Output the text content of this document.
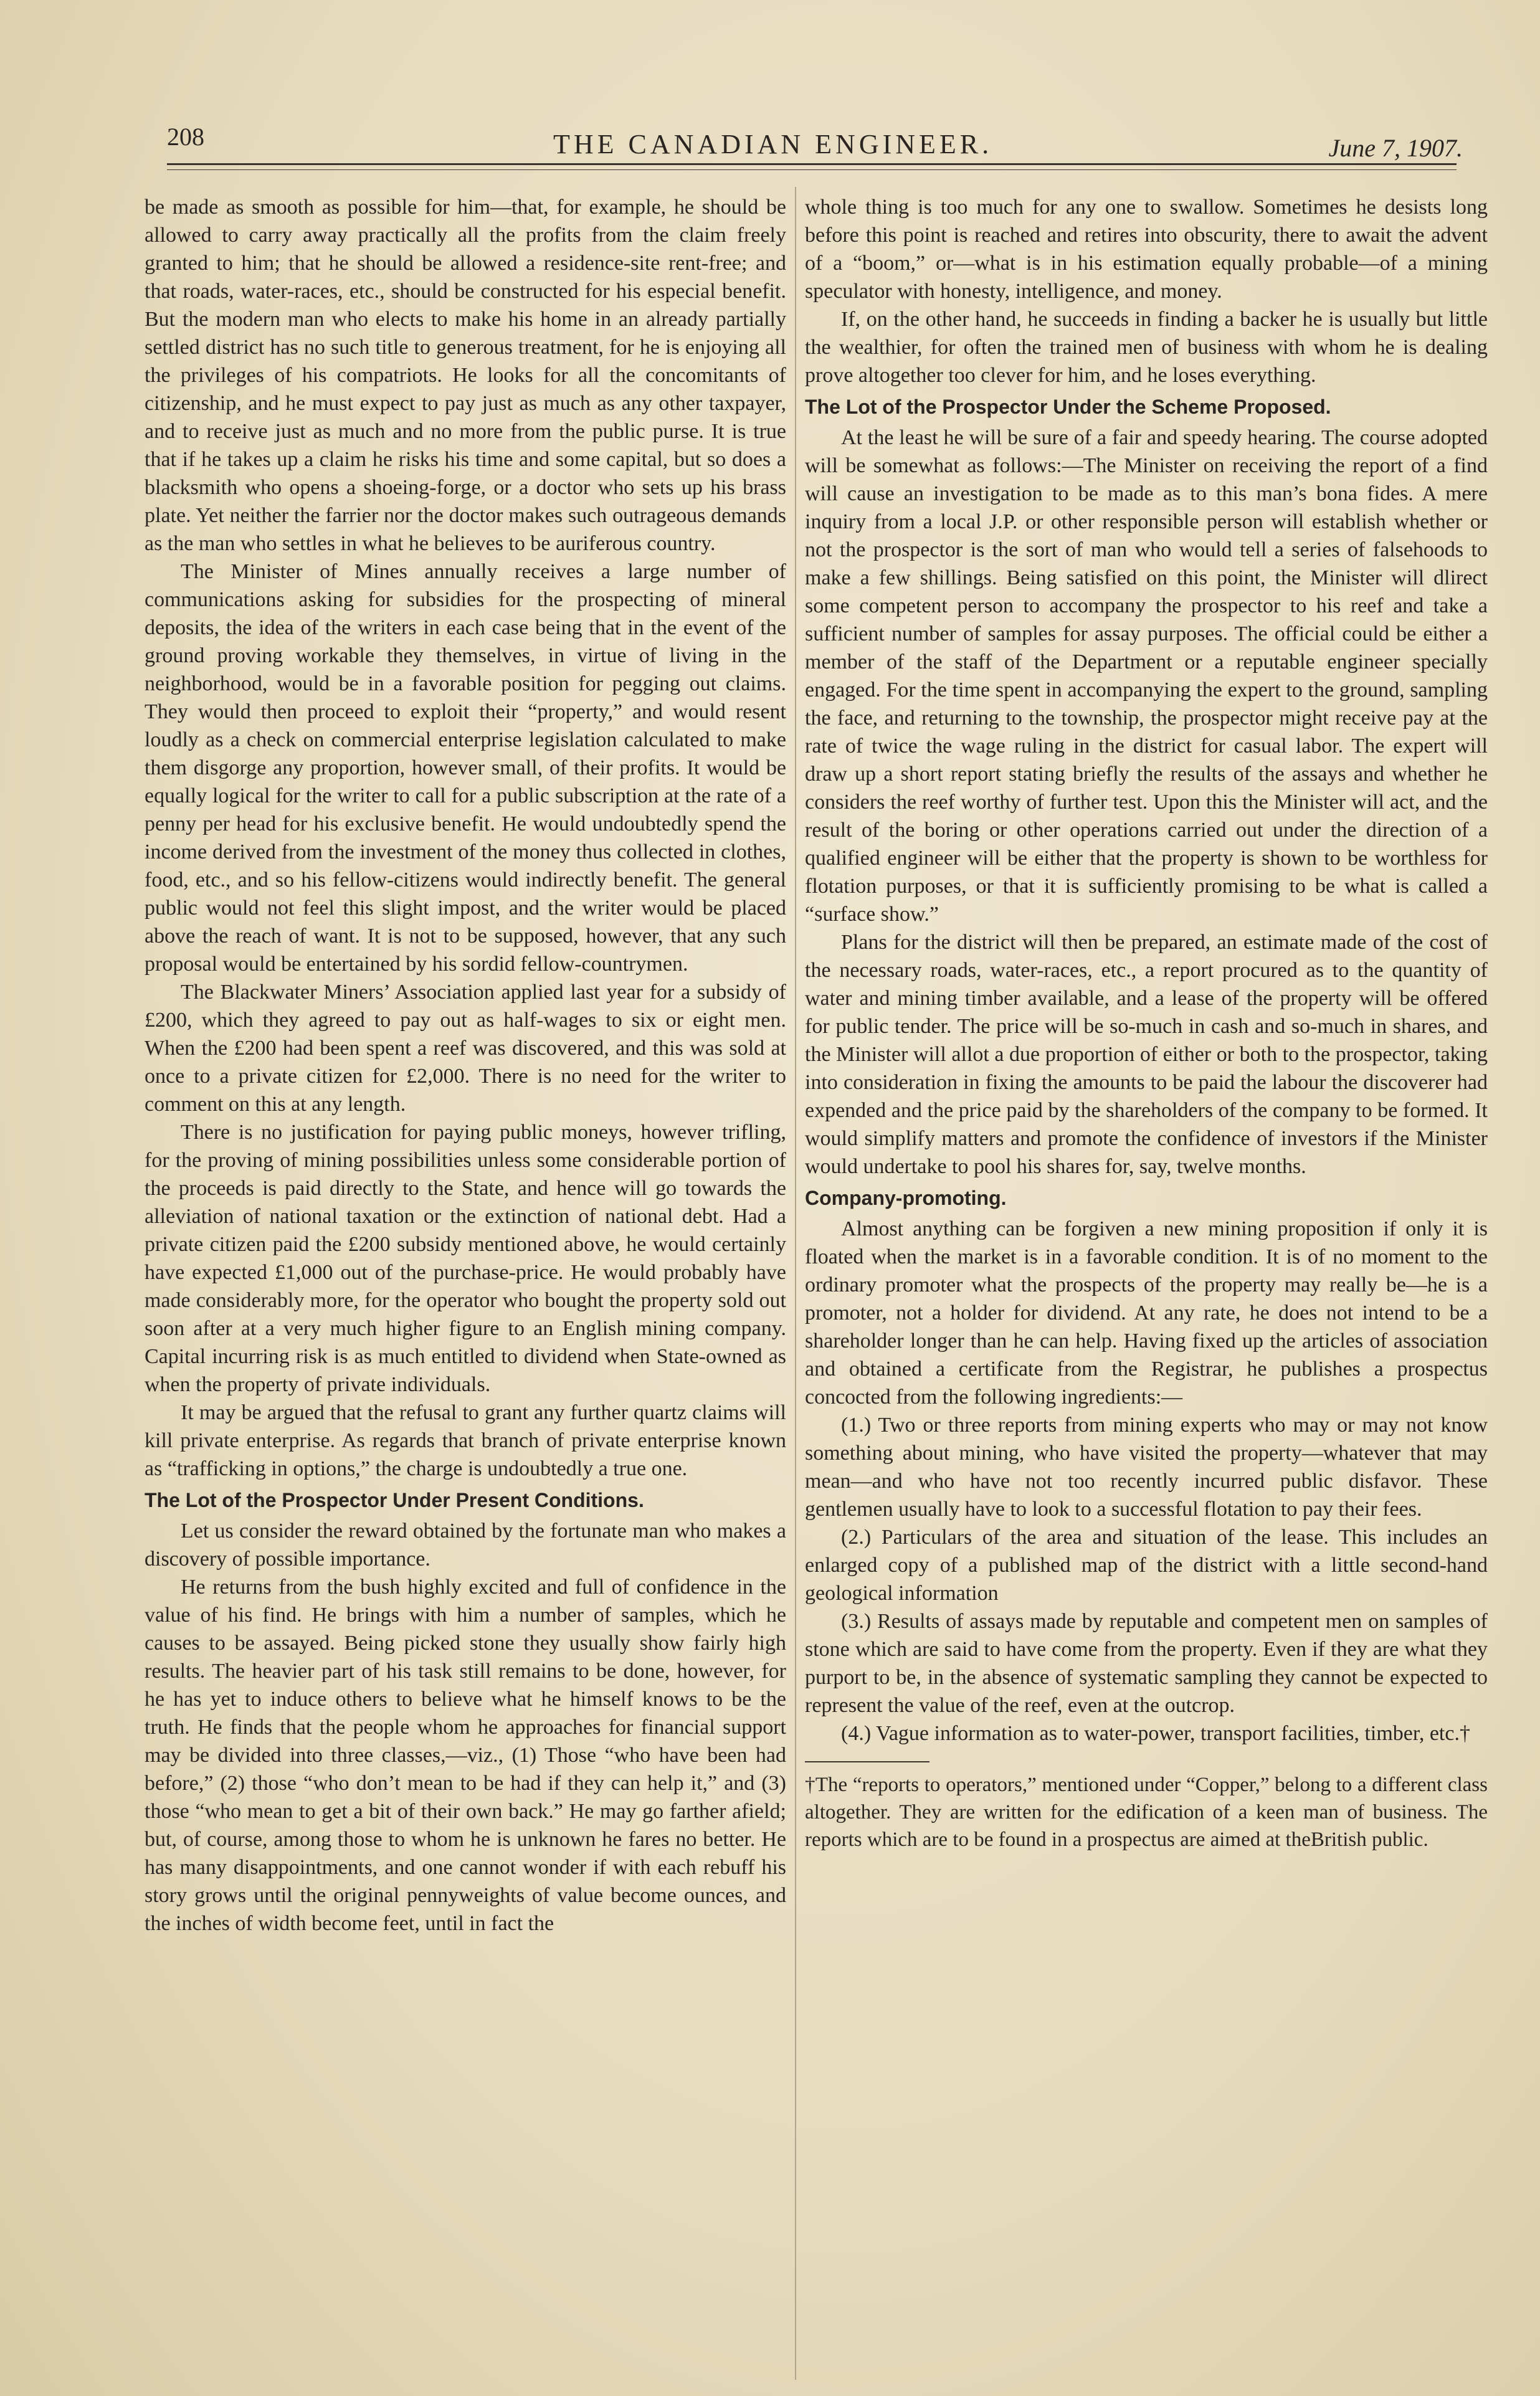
208	THE CANADIAN ENGINEER.	June 7, 1907.

be made as smooth as possible for him—that, for example, he should be allowed to carry away practically all the profits from the claim freely granted to him; that he should be allowed a residence-site rent-free; and that roads, water-races, etc., should be constructed for his especial benefit. But the modern man who elects to make his home in an already partially settled district has no such title to generous treatment, for he is enjoying all the privileges of his compatriots. He looks for all the concomitants of citizenship, and he must expect to pay just as much as any other taxpayer, and to receive just as much and no more from the public purse. It is true that if he takes up a claim he risks his time and some capital, but so does a blacksmith who opens a shoeing-forge, or a doctor who sets up his brass plate. Yet neither the farrier nor the doctor makes such outrageous demands as the man who settles in what he believes to be auriferous country.

The Minister of Mines annually receives a large number of communications asking for subsidies for the prospecting of mineral deposits, the idea of the writers in each case being that in the event of the ground proving workable they themselves, in virtue of living in the neighborhood, would be in a favorable position for pegging out claims. They would then proceed to exploit their “property,” and would resent loudly as a check on commercial enterprise legislation calculated to make them disgorge any proportion, however small, of their profits. It would be equally logical for the writer to call for a public subscription at the rate of a penny per head for his exclusive benefit. He would undoubtedly spend the income derived from the investment of the money thus collected in clothes, food, etc., and so his fellow-citizens would indirectly benefit. The general public would not feel this slight impost, and the writer would be placed above the reach of want. It is not to be supposed, however, that any such proposal would be entertained by his sordid fellow-countrymen.

The Blackwater Miners’ Association applied last year for a subsidy of £200, which they agreed to pay out as half-wages to six or eight men. When the £200 had been spent a reef was discovered, and this was sold at once to a private citizen for £2,000. There is no need for the writer to comment on this at any length.

There is no justification for paying public moneys, however trifling, for the proving of mining possibilities unless some considerable portion of the proceeds is paid directly to the State, and hence will go towards the alleviation of national taxation or the extinction of national debt. Had a private citizen paid the £200 subsidy mentioned above, he would certainly have expected £1,000 out of the purchase-price. He would probably have made considerably more, for the operator who bought the property sold out soon after at a very much higher figure to an English mining company. Capital incurring risk is as much entitled to dividend when State-owned as when the property of private individuals.

It may be argued that the refusal to grant any further quartz claims will kill private enterprise. As regards that branch of private enterprise known as “trafficking in options,” the charge is undoubtedly a true one.

The Lot of the Prospector Under Present Conditions.

Let us consider the reward obtained by the fortunate man who makes a discovery of possible importance.

He returns from the bush highly excited and full of confidence in the value of his find. He brings with him a number of samples, which he causes to be assayed. Being picked stone they usually show fairly high results. The heavier part of his task still remains to be done, however, for he has yet to induce others to believe what he himself knows to be the truth. He finds that the people whom he approaches for financial support may be divided into three classes,—viz., (1) Those “who have been had before,” (2) those “who don’t mean to be had if they can help it,” and (3) those “who mean to get a bit of their own back.” He may go farther afield; but, of course, among those to whom he is unknown he fares no better. He has many disappointments, and one cannot wonder if with each rebuff his story grows until the original pennyweights of value become ounces, and the inches of width become feet, until in fact the

whole thing is too much for any one to swallow. Sometimes he desists long before this point is reached and retires into obscurity, there to await the advent of a “boom,” or—what is in his estimation equally probable—of a mining speculator with honesty, intelligence, and money.

If, on the other hand, he succeeds in finding a backer he is usually but little the wealthier, for often the trained men of business with whom he is dealing prove altogether too clever for him, and he loses everything.

The Lot of the Prospector Under the Scheme Proposed.

At the least he will be sure of a fair and speedy hearing. The course adopted will be somewhat as follows:—The Minister on receiving the report of a find will cause an investigation to be made as to this man’s bona fides. A mere inquiry from a local J.P. or other responsible person will establish whether or not the prospector is the sort of man who would tell a series of falsehoods to make a few shillings. Being satisfied on this point, the Minister will dlirect some competent person to accompany the prospector to his reef and take a sufficient number of samples for assay purposes. The official could be either a member of the staff of the Department or a reputable engineer specially engaged. For the time spent in accompanying the expert to the ground, sampling the face, and returning to the township, the prospector might receive pay at the rate of twice the wage ruling in the district for casual labor. The expert will draw up a short report stating briefly the results of the assays and whether he considers the reef worthy of further test. Upon this the Minister will act, and the result of the boring or other operations carried out under the direction of a qualified engineer will be either that the property is shown to be worthless for flotation purposes, or that it is sufficiently promising to be what is called a “surface show.”

Plans for the district will then be prepared, an estimate made of the cost of the necessary roads, water-races, etc., a report procured as to the quantity of water and mining timber available, and a lease of the property will be offered for public tender. The price will be so-much in cash and so-much in shares, and the Minister will allot a due proportion of either or both to the prospector, taking into consideration in fixing the amounts to be paid the labour the discoverer had expended and the price paid by the shareholders of the company to be formed. It would simplify matters and promote the confidence of investors if the Minister would undertake to pool his shares for, say, twelve months.

Company-promoting.

Almost anything can be forgiven a new mining proposition if only it is floated when the market is in a favorable condition. It is of no moment to the ordinary promoter what the prospects of the property may really be—he is a promoter, not a holder for dividend. At any rate, he does not intend to be a shareholder longer than he can help. Having fixed up the articles of association and obtained a certificate from the Registrar, he publishes a prospectus concocted from the following ingredients:—

(1.) Two or three reports from mining experts who may or may not know something about mining, who have visited the property—whatever that may mean—and who have not too recently incurred public disfavor. These gentlemen usually have to look to a successful flotation to pay their fees.

(2.) Particulars of the area and situation of the lease. This includes an enlarged copy of a published map of the district with a little second-hand geological information

(3.) Results of assays made by reputable and competent men on samples of stone which are said to have come from the property. Even if they are what they purport to be, in the absence of systematic sampling they cannot be expected to represent the value of the reef, even at the outcrop.

(4.) Vague information as to water-power, transport facilities, timber, etc.†

†The “reports to operators,” mentioned under “Copper,” belong to a different class altogether. They are written for the edification of a keen man of business. The reports which are to be found in a prospectus are aimed at theBritish public.
